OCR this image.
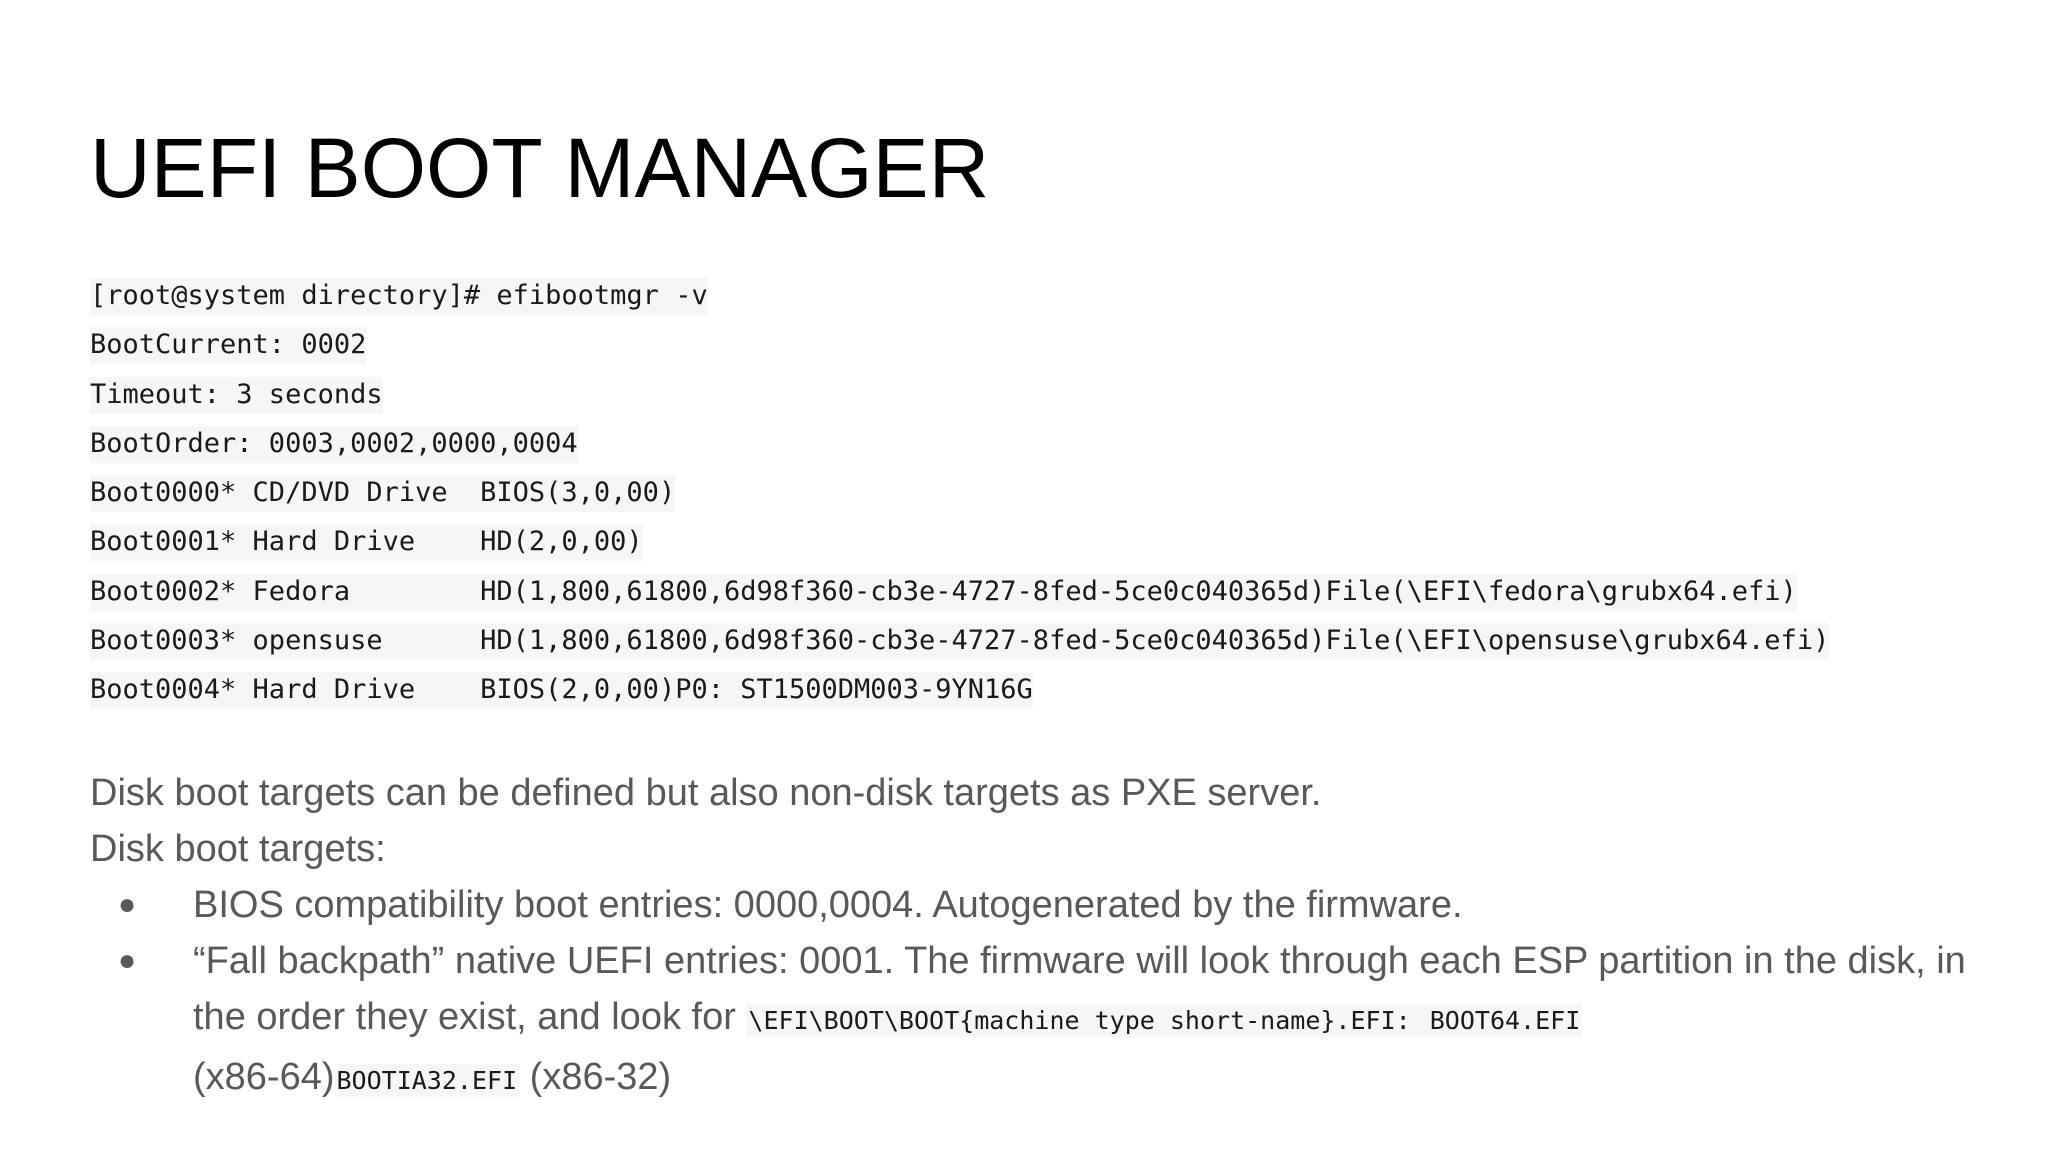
UEFI BOOT MANAGER
[root@system directory]# efibootmgr -v
BootCurrent: 0002
Timeout: 3 seconds
BootOrder: 0003,0002,0000,0004
Boot0000* CD/DVD Drive  BIOS(3,0,00)
Boot0001* Hard Drive    HD(2,0,00)
Boot0002* Fedora        HD(1,800,61800,6d98f360-cb3e-4727-8fed-5ce0c040365d)File(\EFI\fedora\grubx64.efi)
Boot0003* opensuse      HD(1,800,61800,6d98f360-cb3e-4727-8fed-5ce0c040365d)File(\EFI\opensuse\grubx64.efi)
Boot0004* Hard Drive    BIOS(2,0,00)P0: ST1500DM003-9YN16G
Disk boot targets can be defined but also non-disk targets as PXE server.
Disk boot targets:
● BIOS compatibility boot entries: 0000,0004. Autogenerated by the firmware.
● “Fall backpath” native UEFI entries: 0001. The firmware will look through each ESP partition in the disk, in the order they exist, and look for \EFI\BOOT\BOOT{machine type short-name}.EFI: BOOT64.EFI
(x86-64)BOOTIA32.EFI (x86-32)
